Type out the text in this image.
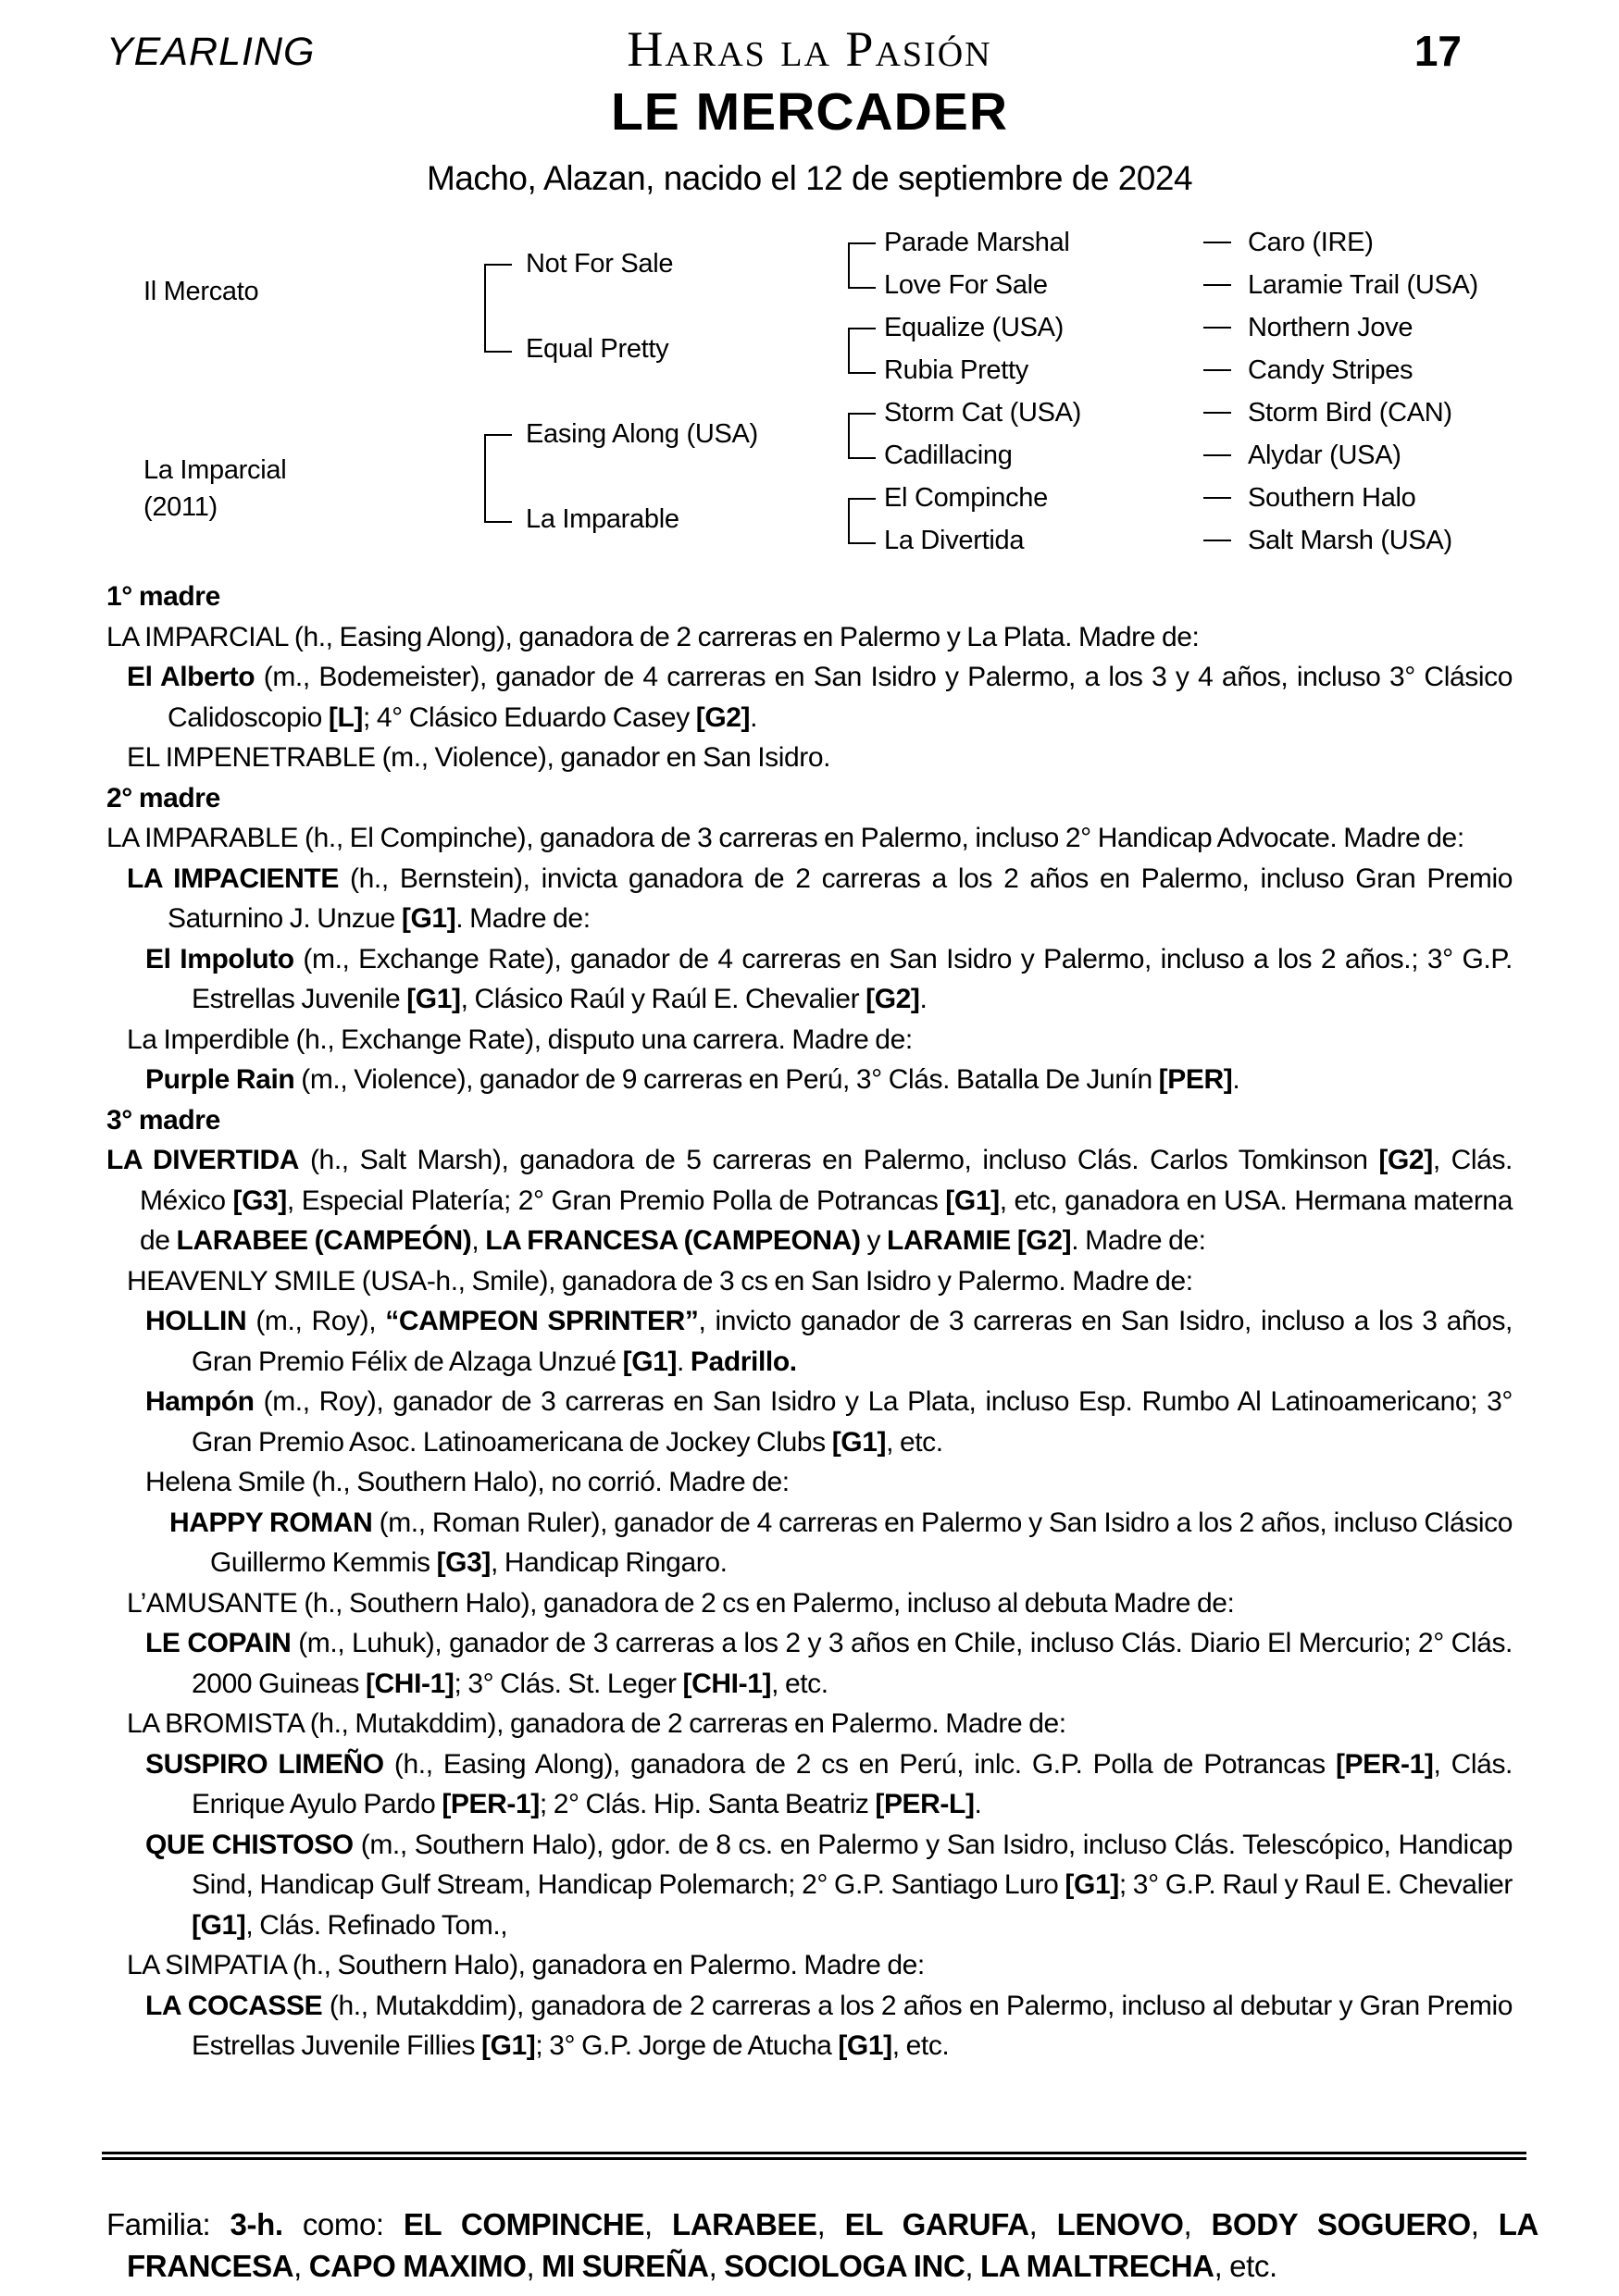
YEARLING	Haras la Pasión	17
LE MERCADER
Macho, Alazan, nacido el 12 de septiembre de 2024
Il Mercato
La Imparcial
(2011)
Not For Sale
Equal Pretty
Easing Along (USA)
La Imparable
Parade Marshal
Love For Sale
Equalize (USA)
Rubia Pretty
Storm Cat (USA)
Cadillacing
El Compinche
La Divertida
Caro (IRE)
Laramie Trail (USA)
Northern Jove
Candy Stripes
Storm Bird (CAN)
Alydar (USA)
Southern Halo
Salt Marsh (USA)

1° madre

LA IMPARCIAL (h., Easing Along), ganadora de 2 carreras en Palermo y La Plata. Madre de:

El Alberto (m., Bodemeister), ganador de 4 carreras en San Isidro y Palermo, a los 3 y 4 años, incluso 3° Clásico Calidoscopio [L]; 4° Clásico Eduardo Casey [G2].

EL IMPENETRABLE (m., Violence), ganador en San Isidro.

2° madre

LA IMPARABLE (h., El Compinche), ganadora de 3 carreras en Palermo, incluso 2° Handicap Advocate. Madre de:

LA IMPACIENTE (h., Bernstein), invicta ganadora de 2 carreras a los 2 años en Palermo, incluso Gran Premio Saturnino J. Unzue [G1]. Madre de:

El Impoluto (m., Exchange Rate), ganador de 4 carreras en San Isidro y Palermo, incluso a los 2 años.; 3° G.P. Estrellas Juvenile [G1], Clásico Raúl y Raúl E. Chevalier [G2].

La Imperdible (h., Exchange Rate), disputo una carrera. Madre de:

Purple Rain (m., Violence), ganador de 9 carreras en Perú, 3° Clás. Batalla De Junín [PER].

3° madre

LA DIVERTIDA (h., Salt Marsh), ganadora de 5 carreras en Palermo, incluso Clás. Carlos Tomkinson [G2], Clás. México [G3], Especial Platería; 2° Gran Premio Polla de Potrancas [G1], etc, ganadora en USA. Hermana materna de LARABEE (CAMPEÓN), LA FRANCESA (CAMPEONA) y LARAMIE [G2]. Madre de:

HEAVENLY SMILE (USA-h., Smile), ganadora de 3 cs en San Isidro y Palermo. Madre de:

HOLLIN (m., Roy), “CAMPEON SPRINTER”, invicto ganador de 3 carreras en San Isidro, incluso a los 3 años, Gran Premio Félix de Alzaga Unzué [G1]. Padrillo.

Hampón (m., Roy), ganador de 3 carreras en San Isidro y La Plata, incluso Esp. Rumbo Al Latinoamericano; 3° Gran Premio Asoc. Latinoamericana de Jockey Clubs [G1], etc.

Helena Smile (h., Southern Halo), no corrió. Madre de:

HAPPY ROMAN (m., Roman Ruler), ganador de 4 carreras en Palermo y San Isidro a los 2 años, incluso Clásico Guillermo Kemmis [G3], Handicap Ringaro.

L’AMUSANTE (h., Southern Halo), ganadora de 2 cs en Palermo, incluso al debuta Madre de:

LE COPAIN (m., Luhuk), ganador de 3 carreras a los 2 y 3 años en Chile, incluso Clás. Diario El Mercurio; 2° Clás. 2000 Guineas [CHI-1]; 3° Clás. St. Leger [CHI-1], etc.

LA BROMISTA (h., Mutakddim), ganadora de 2 carreras en Palermo. Madre de:

SUSPIRO LIMEÑO (h., Easing Along), ganadora de 2 cs en Perú, inlc. G.P. Polla de Potrancas [PER-1], Clás. Enrique Ayulo Pardo [PER-1]; 2° Clás. Hip. Santa Beatriz [PER-L].

QUE CHISTOSO (m., Southern Halo), gdor. de 8 cs. en Palermo y San Isidro, incluso Clás. Telescópico, Handicap Sind, Handicap Gulf Stream, Handicap Polemarch; 2° G.P. Santiago Luro [G1]; 3° G.P. Raul y Raul E. Chevalier [G1], Clás. Refinado Tom.,

LA SIMPATIA (h., Southern Halo), ganadora en Palermo. Madre de:

LA COCASSE (h., Mutakddim), ganadora de 2 carreras a los 2 años en Palermo, incluso al debutar y Gran Premio Estrellas Juvenile Fillies [G1]; 3° G.P. Jorge de Atucha [G1], etc.

Familia: 3-h. como: EL COMPINCHE, LARABEE, EL GARUFA, LENOVO, BODY SOGUERO, LA FRANCESA, CAPO MAXIMO, MI SUREÑA, SOCIOLOGA INC, LA MALTRECHA, etc.
